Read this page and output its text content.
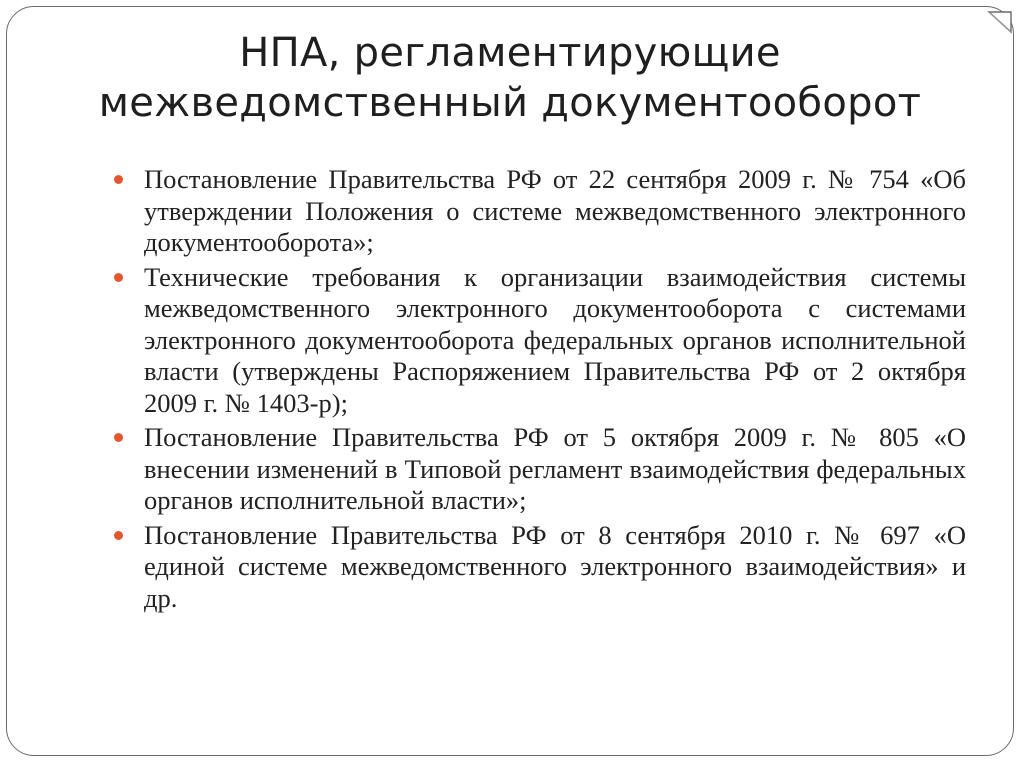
НПА, регламентирующие
межведомственный документооборот
Постановление Правительства РФ от 22 сентября 2009 г. № 754 «Об утверждении Положения о системе межведомственного электронного документооборота»;
Технические требования к организации взаимодействия системы межведомственного электронного документооборота с системами электронного документооборота федеральных органов исполнительной власти (утверждены Распоряжением Правительства РФ от 2 октября 2009 г. № 1403-р);
Постановление Правительства РФ от 5 октября 2009 г. № 805 «О внесении изменений в Типовой регламент взаимодействия федеральных органов исполнительной власти»;
Постановление Правительства РФ от 8 сентября 2010 г. № 697 «О единой системе межведомственного электронного взаимодействия» и др.
